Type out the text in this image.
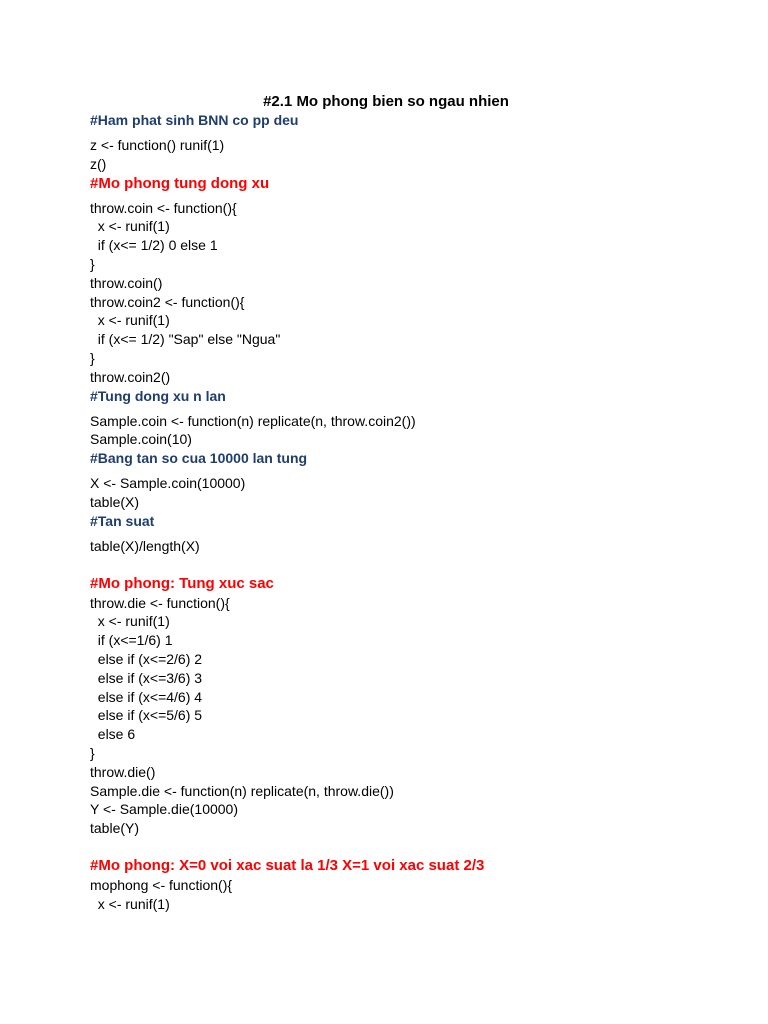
#2.1 Mo phong bien so ngau nhien
#Ham phat sinh BNN co pp deu
z <- function() runif(1)
z()
#Mo phong tung dong xu
throw.coin <- function(){
x <- runif(1)
if (x<= 1/2) 0 else 1
}
throw.coin()
throw.coin2 <- function(){
x <- runif(1)
if (x<= 1/2) "Sap" else "Ngua"
}
throw.coin2()
#Tung dong xu n lan
Sample.coin <- function(n) replicate(n, throw.coin2())
Sample.coin(10)
#Bang tan so cua 10000 lan tung
X <- Sample.coin(10000)
table(X)
#Tan suat
table(X)/length(X)
#Mo phong: Tung xuc sac
throw.die <- function(){
x <- runif(1)
if (x<=1/6) 1
else if (x<=2/6) 2
else if (x<=3/6) 3
else if (x<=4/6) 4
else if (x<=5/6) 5
else 6
}
throw.die()
Sample.die <- function(n) replicate(n, throw.die())
Y <- Sample.die(10000)
table(Y)
#Mo phong: X=0 voi xac suat la 1/3 X=1 voi xac suat 2/3
mophong <- function(){
x <- runif(1)
